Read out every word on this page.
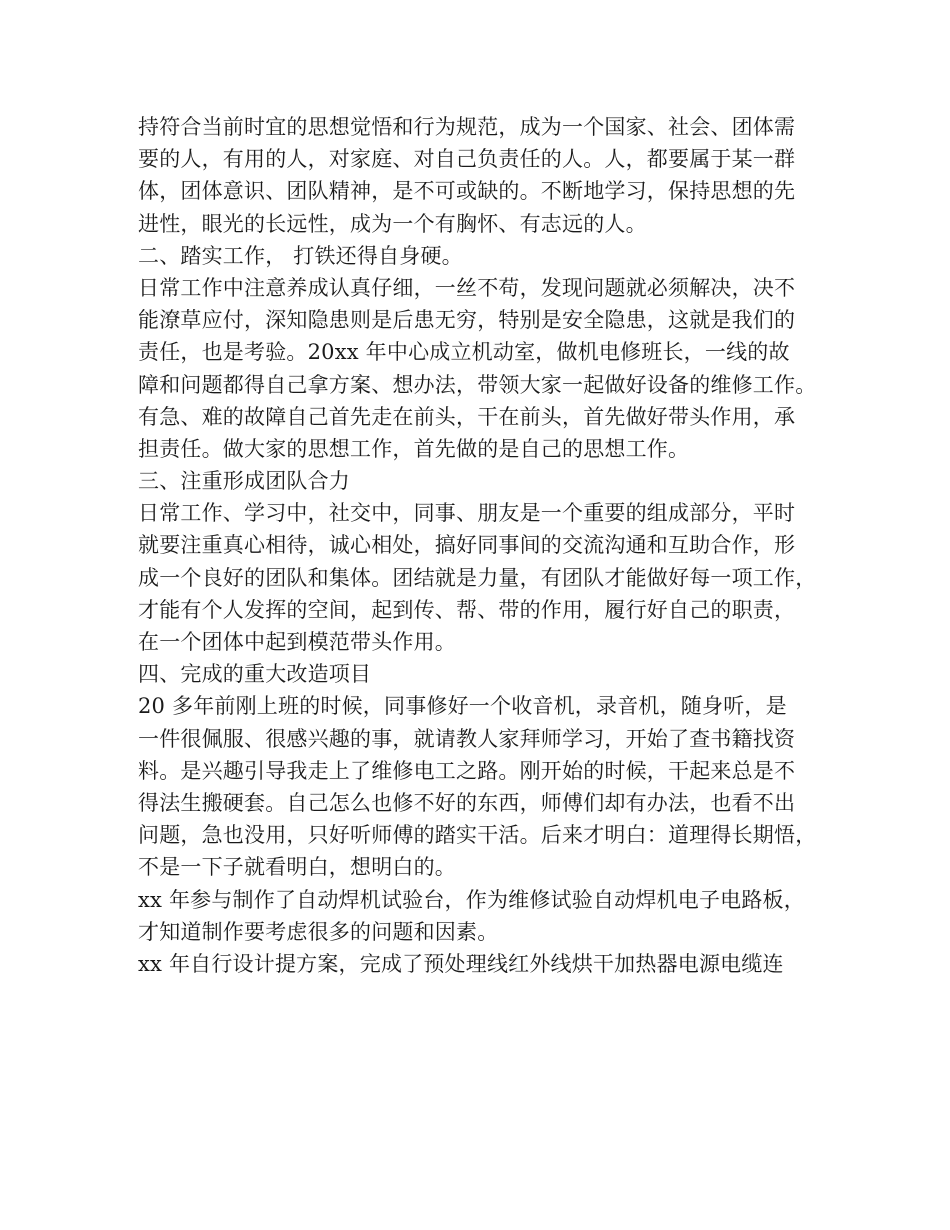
持符合当前时宜的思想觉悟和行为规范，成为一个国家、社会、团体需
要的人，有用的人，对家庭、对自己负责任的人。人，都要属于某一群
体，团体意识、团队精神，是不可或缺的。不断地学习，保持思想的先
进性，眼光的长远性，成为一个有胸怀、有志远的人。
二、踏实工作， 打铁还得自身硬。
日常工作中注意养成认真仔细，一丝不苟，发现问题就必须解决，决不
能潦草应付，深知隐患则是后患无穷，特别是安全隐患，这就是我们的
责任，也是考验。20xx 年中心成立机动室，做机电修班长，一线的故
障和问题都得自己拿方案、想办法，带领大家一起做好设备的维修工作。
有急、难的故障自己首先走在前头，干在前头，首先做好带头作用，承
担责任。做大家的思想工作，首先做的是自己的思想工作。
三、注重形成团队合力
日常工作、学习中，社交中，同事、朋友是一个重要的组成部分，平时
就要注重真心相待，诚心相处，搞好同事间的交流沟通和互助合作，形
成一个良好的团队和集体。团结就是力量，有团队才能做好每一项工作，
才能有个人发挥的空间，起到传、帮、带的作用，履行好自己的职责，
在一个团体中起到模范带头作用。
四、完成的重大改造项目
20 多年前刚上班的时候，同事修好一个收音机，录音机，随身听，是
一件很佩服、很感兴趣的事，就请教人家拜师学习，开始了查书籍找资
料。是兴趣引导我走上了维修电工之路。刚开始的时候，干起来总是不
得法生搬硬套。自己怎么也修不好的东西，师傅们却有办法，也看不出
问题，急也没用，只好听师傅的踏实干活。后来才明白：道理得长期悟，
不是一下子就看明白，想明白的。
xx 年参与制作了自动焊机试验台，作为维修试验自动焊机电子电路板，
才知道制作要考虑很多的问题和因素。
xx 年自行设计提方案，完成了预处理线红外线烘干加热器电源电缆连
